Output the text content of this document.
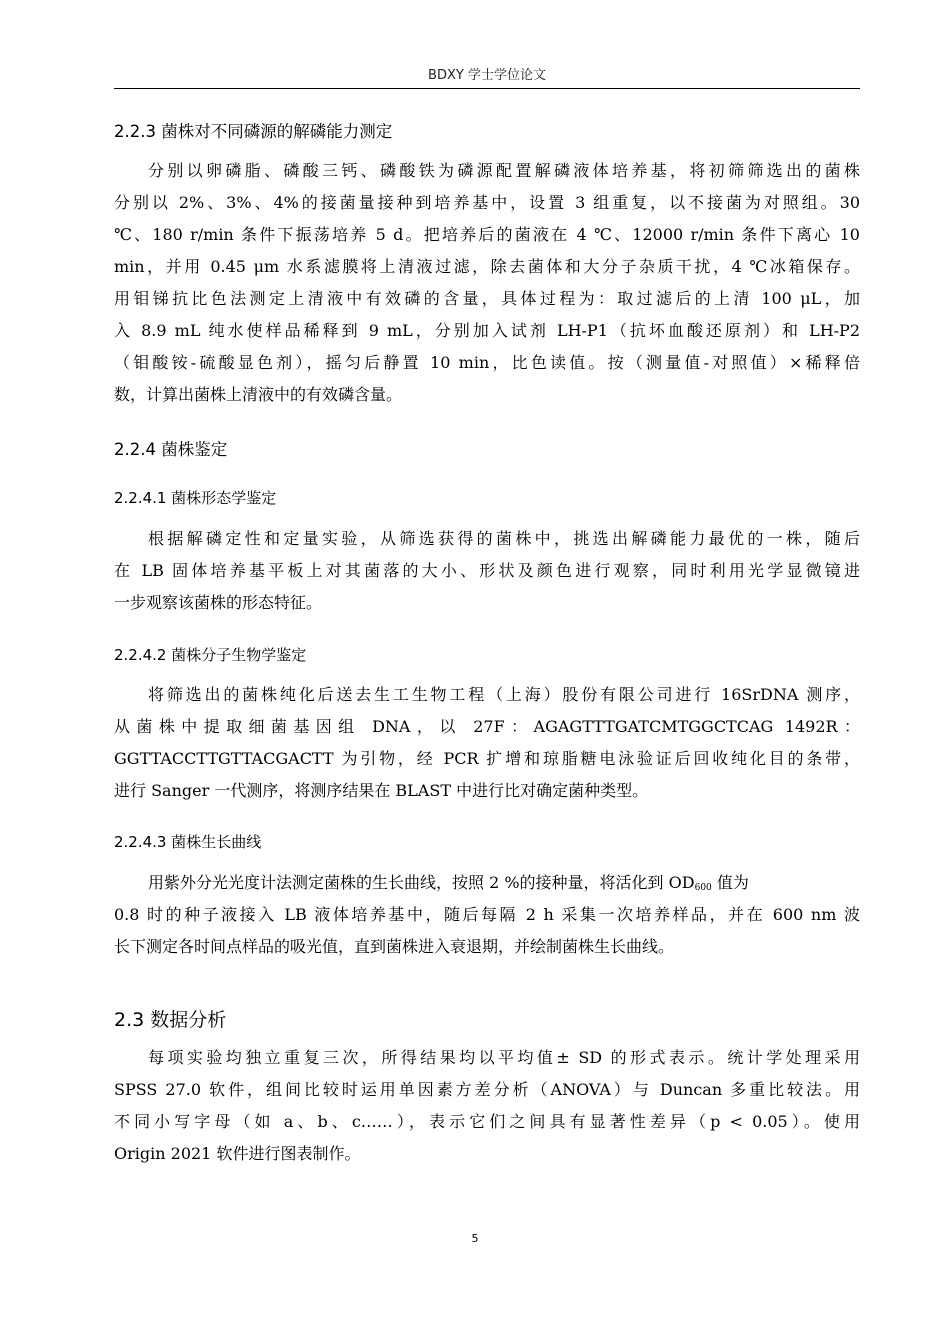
BDXY 学士学位论文
2.2.3 菌株对不同磷源的解磷能力测定
分别以卵磷脂、磷酸三钙、磷酸铁为磷源配置解磷液体培养基，将初筛筛选出的菌株
分别以 2%、3%、4%的接菌量接种到培养基中，设置 3 组重复，以不接菌为对照组。30
℃、180 r/min 条件下振荡培养 5 d。把培养后的菌液在 4 ℃、12000 r/min 条件下离心 10
min，并用 0.45 μm 水系滤膜将上清液过滤，除去菌体和大分子杂质干扰，4 ℃冰箱保存。
用钼锑抗比色法测定上清液中有效磷的含量，具体过程为：取过滤后的上清 100 μL，加
入 8.9 mL 纯水使样品稀释到 9 mL，分别加入试剂 LH-P1（抗坏血酸还原剂）和 LH-P2
（钼酸铵-硫酸显色剂），摇匀后静置 10 min，比色读值。按（测量值-对照值）×稀释倍
数，计算出菌株上清液中的有效磷含量。
2.2.4 菌株鉴定
2.2.4.1 菌株形态学鉴定
根据解磷定性和定量实验，从筛选获得的菌株中，挑选出解磷能力最优的一株，随后
在 LB 固体培养基平板上对其菌落的大小、形状及颜色进行观察，同时利用光学显微镜进
一步观察该菌株的形态特征。
2.2.4.2 菌株分子生物学鉴定
将筛选出的菌株纯化后送去生工生物工程（上海）股份有限公司进行 16SrDNA 测序，
从菌株中提取细菌基因组 DNA，以 27F：AGAGTTTGATCMTGGCTCAG 1492R：
GGTTACCTTGTTACGACTT 为引物，经 PCR 扩增和琼脂糖电泳验证后回收纯化目的条带，
进行 Sanger 一代测序，将测序结果在 BLAST 中进行比对确定菌种类型。
2.2.4.3 菌株生长曲线
用紫外分光光度计法测定菌株的生长曲线，按照 2 %的接种量，将活化到 $OD_{600}$ 值为
0.8 时的种子液接入 LB 液体培养基中，随后每隔 2 h 采集一次培养样品，并在 600 nm 波
长下测定各时间点样品的吸光值，直到菌株进入衰退期，并绘制菌株生长曲线。
2.3 数据分析
每项实验均独立重复三次，所得结果均以平均值± SD 的形式表示。统计学处理采用
SPSS 27.0 软件，组间比较时运用单因素方差分析（ANOVA）与 Duncan 多重比较法。用
不同小写字母（如 a、b、c……），表示它们之间具有显著性差异（p < 0.05）。使用
Origin 2021 软件进行图表制作。
5
